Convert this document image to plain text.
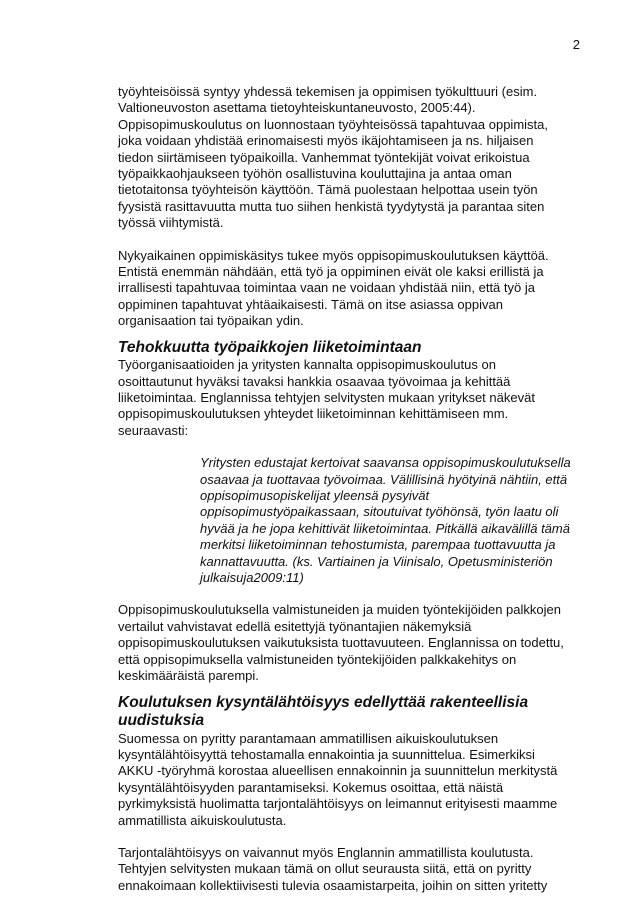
2

työyhteisöissä syntyy yhdessä tekemisen ja oppimisen työkulttuuri (esim.
Valtioneuvoston asettama tietoyhteiskuntaneuvosto, 2005:44).
Oppisopimuskoulutus on luonnostaan työyhteisössä tapahtuvaa oppimista,
joka voidaan yhdistää erinomaisesti myös ikäjohtamiseen ja ns. hiljaisen
tiedon siirtämiseen työpaikoilla. Vanhemmat työntekijät voivat erikoistua
työpaikkaohjaukseen työhön osallistuvina kouluttajina ja antaa oman
tietotaitonsa työyhteisön käyttöön. Tämä puolestaan helpottaa usein työn
fyysistä rasittavuutta mutta tuo siihen henkistä tyydytystä ja parantaa siten
työssä viihtymistä.

Nykyaikainen oppimiskäsitys tukee myös oppisopimuskoulutuksen käyttöä.
Entistä enemmän nähdään, että työ ja oppiminen eivät ole kaksi erillistä ja
irrallisesti tapahtuvaa toimintaa vaan ne voidaan yhdistää niin, että työ ja
oppiminen tapahtuvat yhtäaikaisesti. Tämä on itse asiassa oppivan
organisaation tai työpaikan ydin.

Tehokkuutta työpaikkojen liiketoimintaan

Työorganisaatioiden ja yritysten kannalta oppisopimuskoulutus on
osoittautunut hyväksi tavaksi hankkia osaavaa työvoimaa ja kehittää
liiketoimintaa. Englannissa tehtyjen selvitysten mukaan yritykset näkevät
oppisopimuskoulutuksen yhteydet liiketoiminnan kehittämiseen mm.
seuraavasti:

Yritysten edustajat kertoivat saavansa oppisopimuskoulutuksella
osaavaa ja tuottavaa työvoimaa. Välillisinä hyötyinä nähtiin, että
oppisopimusopiskelijat yleensä pysyivät
oppisopimustyöpaikassaan, sitoutuivat työhönsä, työn laatu oli
hyvää ja he jopa kehittivät liiketoimintaa. Pitkällä aikavälillä tämä
merkitsi liiketoiminnan tehostumista, parempaa tuottavuutta ja
kannattavuutta. (ks. Vartiainen ja Viinisalo, Opetusministeriön
julkaisuja2009:11)

Oppisopimuskoulutuksella valmistuneiden ja muiden työntekijöiden palkkojen
vertailut vahvistavat edellä esitettyjä työnantajien näkemyksiä
oppisopimuskoulutuksen vaikutuksista tuottavuuteen. Englannissa on todettu,
että oppisopimuksella valmistuneiden työntekijöiden palkkakehitys on
keskimääräistä parempi.

Koulutuksen kysyntälähtöisyys edellyttää rakenteellisia
uudistuksia

Suomessa on pyritty parantamaan ammatillisen aikuiskoulutuksen
kysyntälähtöisyyttä tehostamalla ennakointia ja suunnittelua. Esimerkiksi
AKKU -työryhmä korostaa alueellisen ennakoinnin ja suunnittelun merkitystä
kysyntälähtöisyyden parantamiseksi. Kokemus osoittaa, että näistä
pyrkimyksistä huolimatta tarjontalähtöisyys on leimannut erityisesti maamme
ammatillista aikuiskoulutusta.

Tarjontalähtöisyys on vaivannut myös Englannin ammatillista koulutusta.
Tehtyjen selvitysten mukaan tämä on ollut seurausta siitä, että on pyritty
ennakoimaan kollektiivisesti tulevia osaamistarpeita, joihin on sitten yritetty
